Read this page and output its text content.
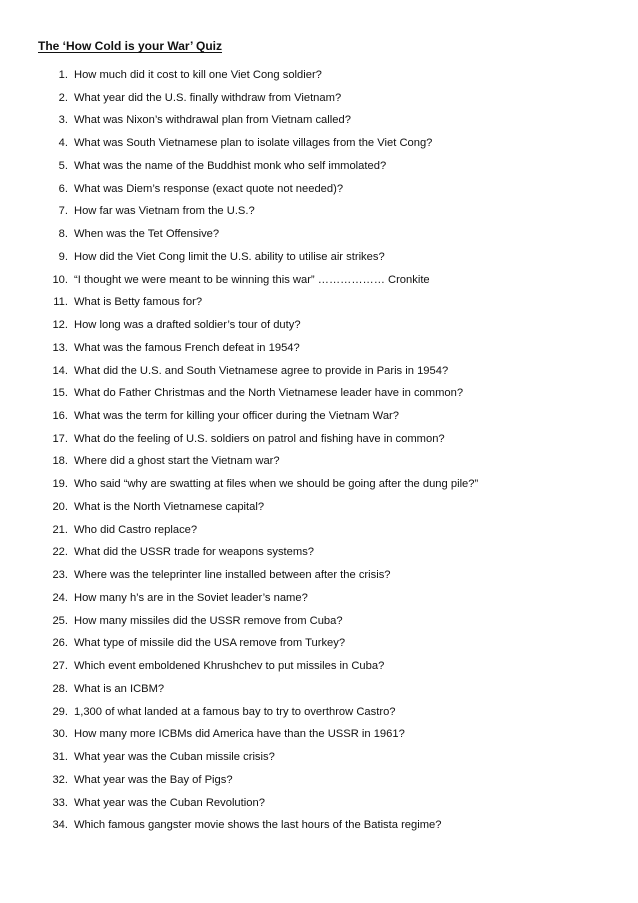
The ‘How Cold is your War’ Quiz
1. How much did it cost to kill one Viet Cong soldier?
2. What year did the U.S. finally withdraw from Vietnam?
3. What was Nixon’s withdrawal plan from Vietnam called?
4. What was South Vietnamese plan to isolate villages from the Viet Cong?
5. What was the name of the Buddhist monk who self immolated?
6. What was Diem’s response (exact quote not needed)?
7. How far was Vietnam from the U.S.?
8. When was the Tet Offensive?
9. How did the Viet Cong limit the U.S. ability to utilise air strikes?
10. “I thought we were meant to be winning this war” ……………… Cronkite
11. What is Betty famous for?
12. How long was a drafted soldier’s tour of duty?
13. What was the famous French defeat in 1954?
14. What did the U.S. and South Vietnamese agree to provide in Paris in 1954?
15. What do Father Christmas and the North Vietnamese leader have in common?
16. What was the term for killing your officer during the Vietnam War?
17. What do the feeling of U.S. soldiers on patrol and fishing have in common?
18. Where did a ghost start the Vietnam war?
19. Who said “why are swatting at files when we should be going after the dung pile?”
20. What is the North Vietnamese capital?
21. Who did Castro replace?
22. What did the USSR trade for weapons systems?
23. Where was the teleprinter line installed between after the crisis?
24. How many h’s are in the Soviet leader’s name?
25. How many missiles did the USSR remove from Cuba?
26. What type of missile did the USA remove from Turkey?
27. Which event emboldened Khrushchev to put missiles in Cuba?
28. What is an ICBM?
29. 1,300 of what landed at a famous bay to try to overthrow Castro?
30. How many more ICBMs did America have than the USSR in 1961?
31. What year was the Cuban missile crisis?
32. What year was the Bay of Pigs?
33. What year was the Cuban Revolution?
34. Which famous gangster movie shows the last hours of the Batista regime?
